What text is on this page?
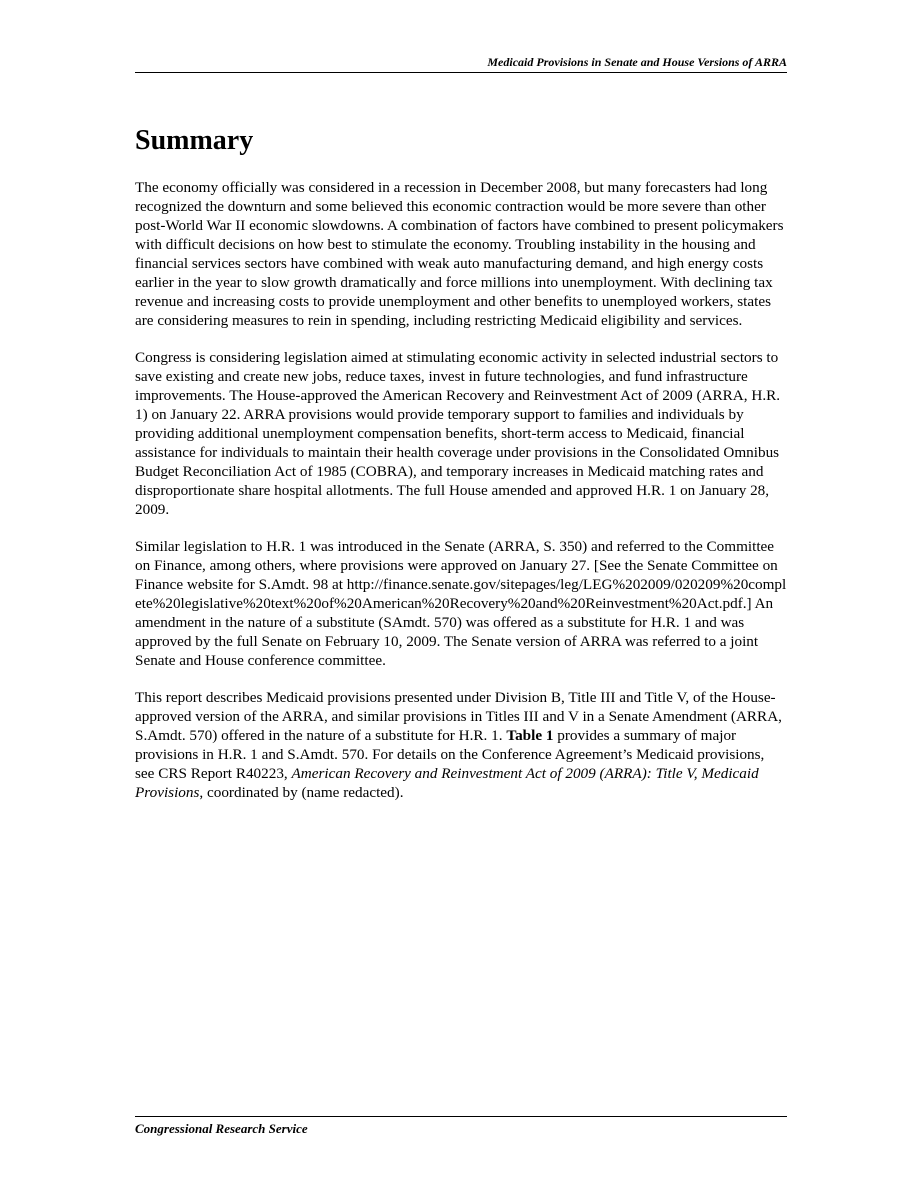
Medicaid Provisions in Senate and House Versions of ARRA
Summary

The economy officially was considered in a recession in December 2008, but many forecasters had long recognized the downturn and some believed this economic contraction would be more severe than other post-World War II economic slowdowns. A combination of factors have combined to present policymakers with difficult decisions on how best to stimulate the economy. Troubling instability in the housing and financial services sectors have combined with weak auto manufacturing demand, and high energy costs earlier in the year to slow growth dramatically and force millions into unemployment. With declining tax revenue and increasing costs to provide unemployment and other benefits to unemployed workers, states are considering measures to rein in spending, including restricting Medicaid eligibility and services.

Congress is considering legislation aimed at stimulating economic activity in selected industrial sectors to save existing and create new jobs, reduce taxes, invest in future technologies, and fund infrastructure improvements. The House-approved the American Recovery and Reinvestment Act of 2009 (ARRA, H.R. 1) on January 22. ARRA provisions would provide temporary support to families and individuals by providing additional unemployment compensation benefits, short-term access to Medicaid, financial assistance for individuals to maintain their health coverage under provisions in the Consolidated Omnibus Budget Reconciliation Act of 1985 (COBRA), and temporary increases in Medicaid matching rates and disproportionate share hospital allotments. The full House amended and approved H.R. 1 on January 28, 2009.

Similar legislation to H.R. 1 was introduced in the Senate (ARRA, S. 350) and referred to the Committee on Finance, among others, where provisions were approved on January 27. [See the Senate Committee on Finance website for S.Amdt. 98 at http://finance.senate.gov/sitepages/leg/LEG%202009/020209%20complete%20legislative%20text%20of%20American%20Recovery%20and%20Reinvestment%20Act.pdf.] An amendment in the nature of a substitute (SAmdt. 570) was offered as a substitute for H.R. 1 and was approved by the full Senate on February 10, 2009. The Senate version of ARRA was referred to a joint Senate and House conference committee.

This report describes Medicaid provisions presented under Division B, Title III and Title V, of the House-approved version of the ARRA, and similar provisions in Titles III and V in a Senate Amendment (ARRA, S.Amdt. 570) offered in the nature of a substitute for H.R. 1. Table 1 provides a summary of major provisions in H.R. 1 and S.Amdt. 570. For details on the Conference Agreement’s Medicaid provisions, see CRS Report R40223, American Recovery and Reinvestment Act of 2009 (ARRA): Title V, Medicaid Provisions, coordinated by (name redacted).

Congressional Research Service
